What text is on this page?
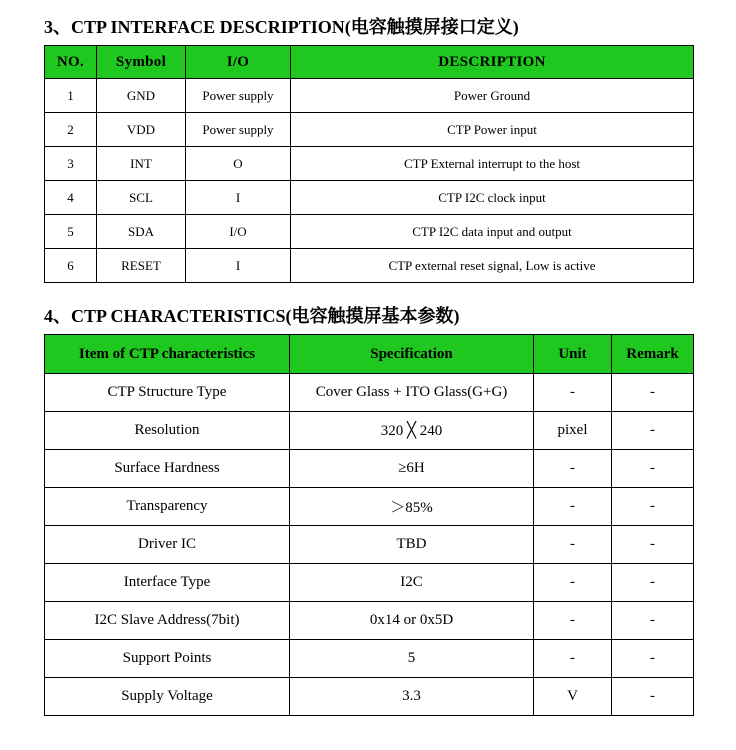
3、CTP INTERFACE DESCRIPTION(电容触摸屏接口定义)
NO.	Symbol	I/O	DESCRIPTION
1	GND	Power supply	Power Ground
2	VDD	Power supply	CTP Power input
3	INT	O	CTP External interrupt to the host
4	SCL	I	CTP I2C clock input
5	SDA	I/O	CTP I2C data input and output
6	RESET	I	CTP external reset signal, Low is active
4、CTP CHARACTERISTICS(电容触摸屏基本参数)
Item of CTP characteristics	Specification	Unit	Remark
CTP Structure Type	Cover Glass + ITO Glass(G+G)	-	-
Resolution	320 ╳ 240	pixel	-
Surface Hardness	≥6H	-	-
Transparency	＞85%	-	-
Driver IC	TBD	-	-
Interface Type	I2C	-	-
I2C Slave Address(7bit)	0x14 or 0x5D	-	-
Support Points	5	-	-
Supply Voltage	3.3	V	-
